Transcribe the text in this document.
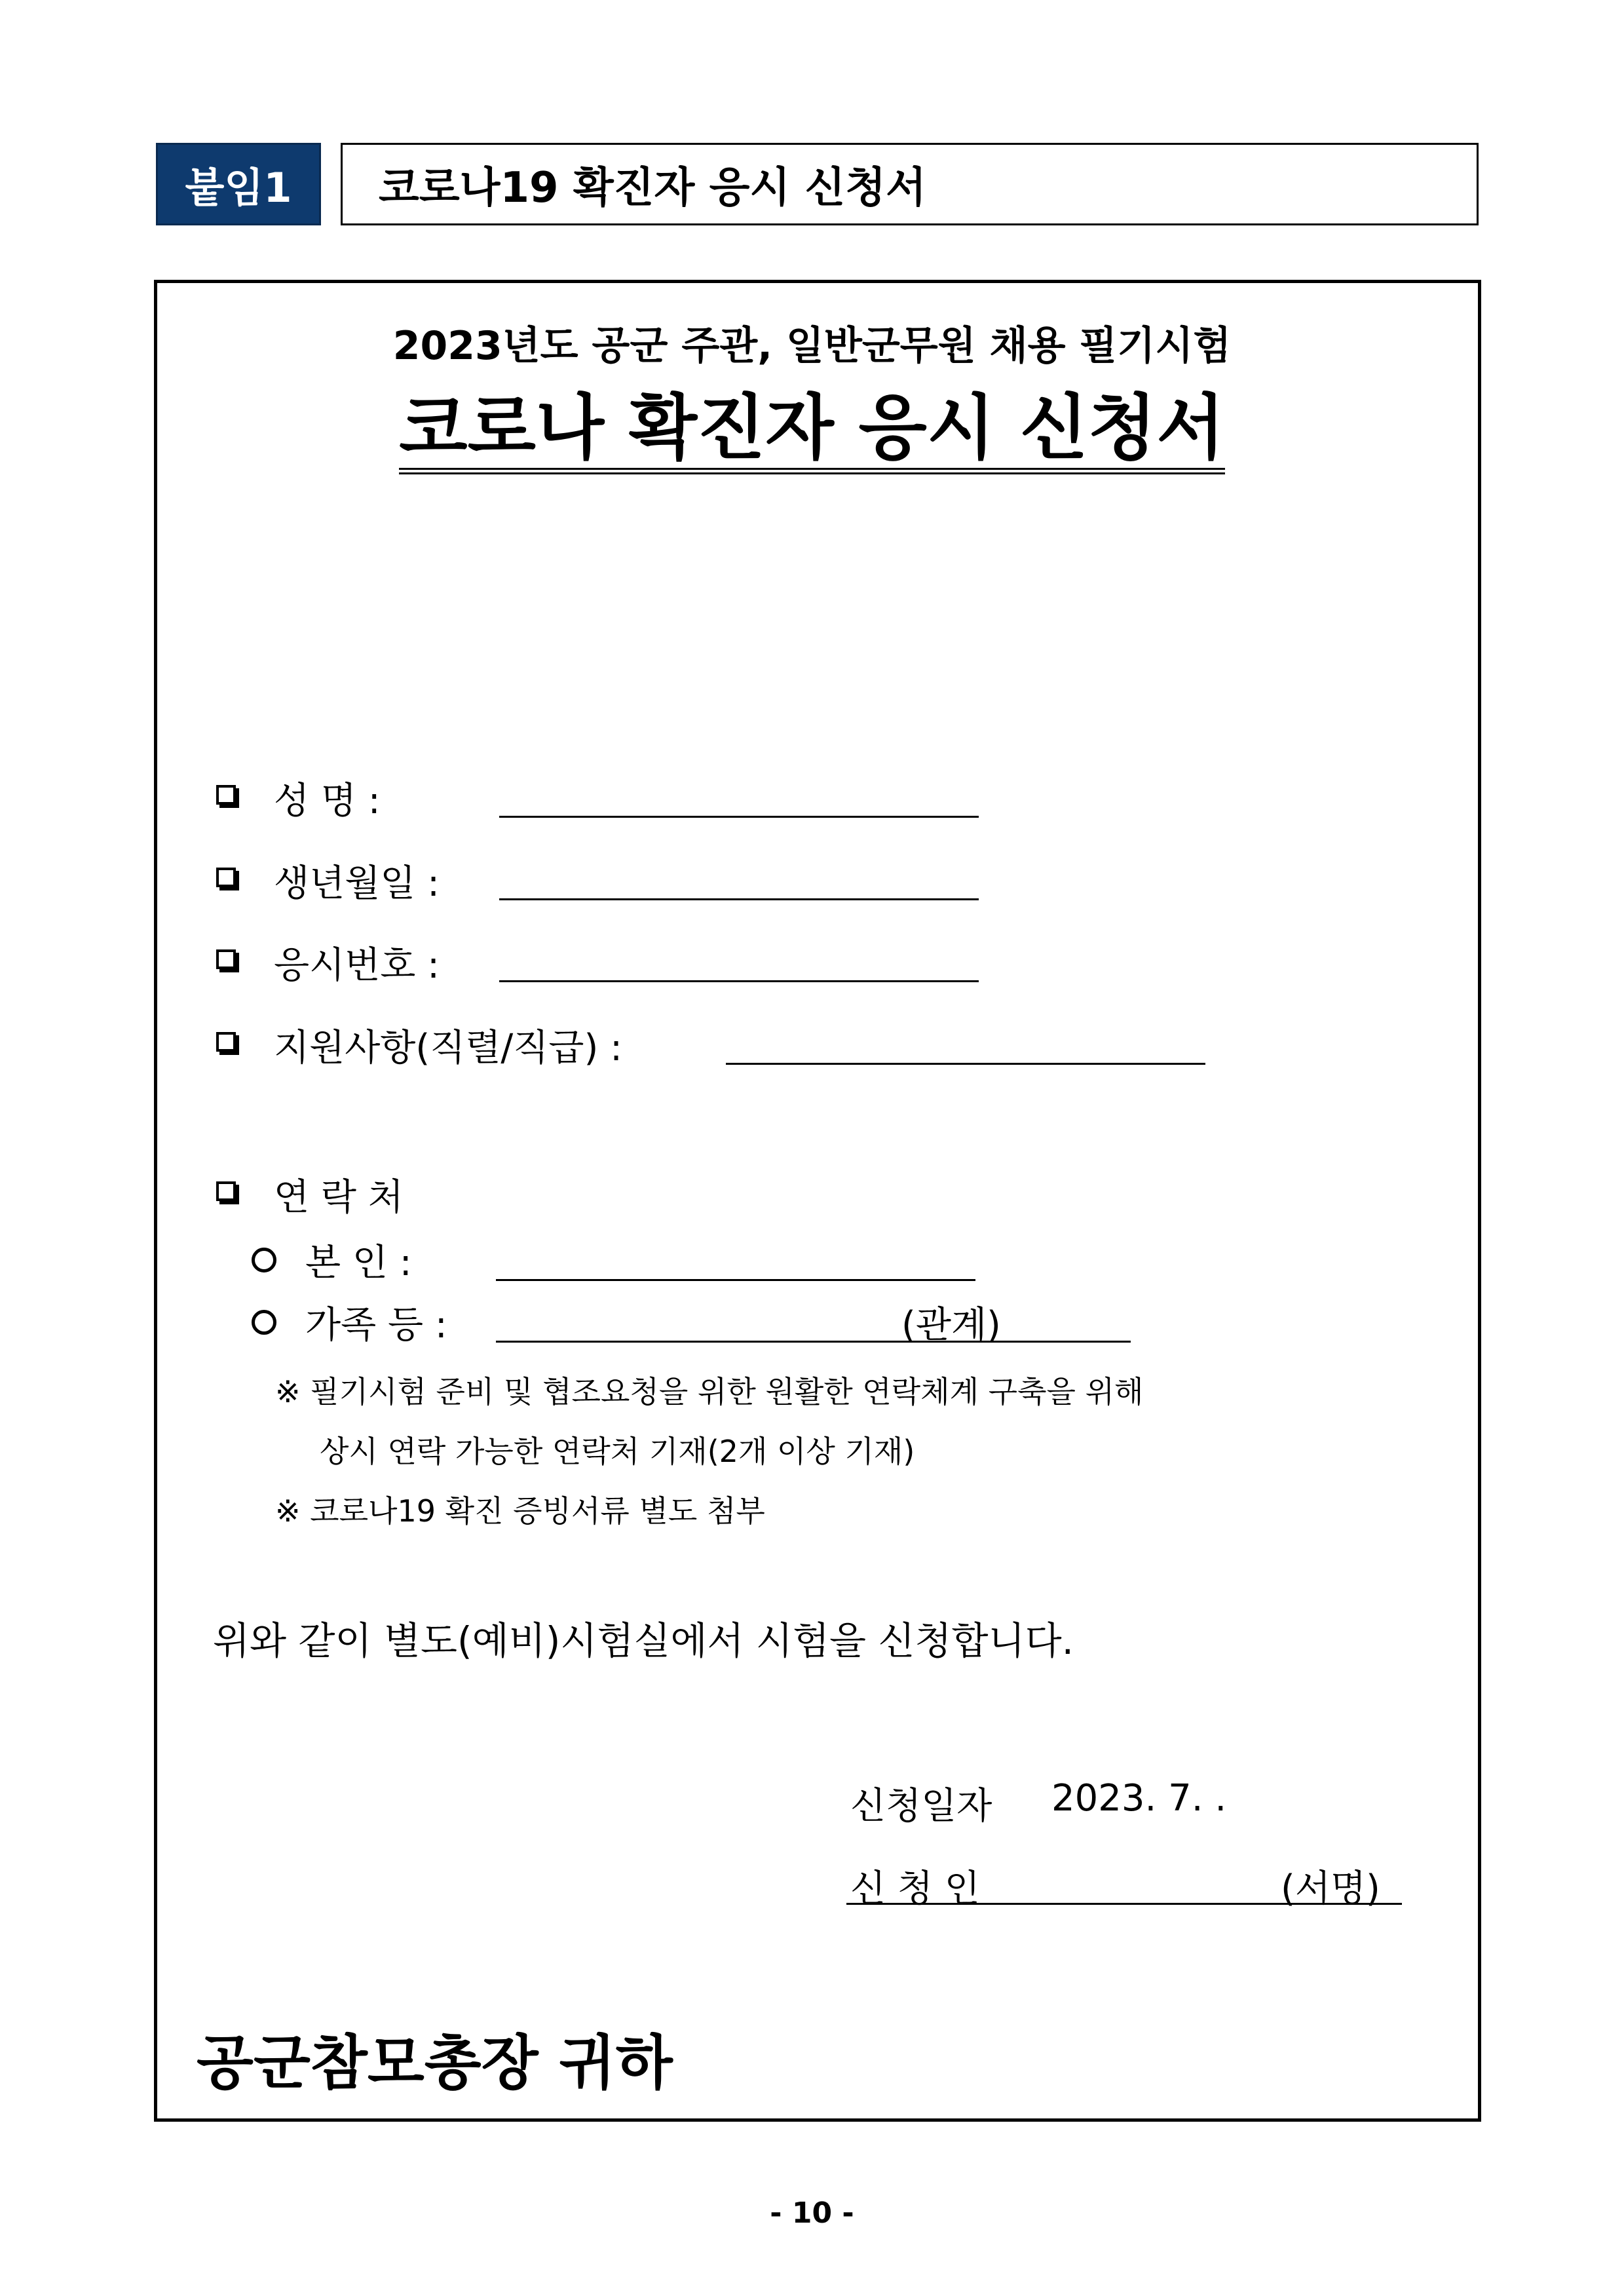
붙임1	코로나19 확진자 응시 신청서
2023년도 공군 주관, 일반군무원 채용 필기시험
코로나 확진자 응시 신청서
성 명 :
생년월일 :
응시번호 :
지원사항(직렬/직급) :
연 락 처
본 인 :
가족 등 :	(관계)
※ 필기시험 준비 및 협조요청을 위한 원활한 연락체계 구축을 위해
상시 연락 가능한 연락처 기재(2개 이상 기재)
※ 코로나19 확진 증빙서류 별도 첨부
위와 같이 별도(예비)시험실에서 시험을 신청합니다.
신청일자 2023. 7. .
신 청 인	(서명)
공군참모총장 귀하
- 10 -
